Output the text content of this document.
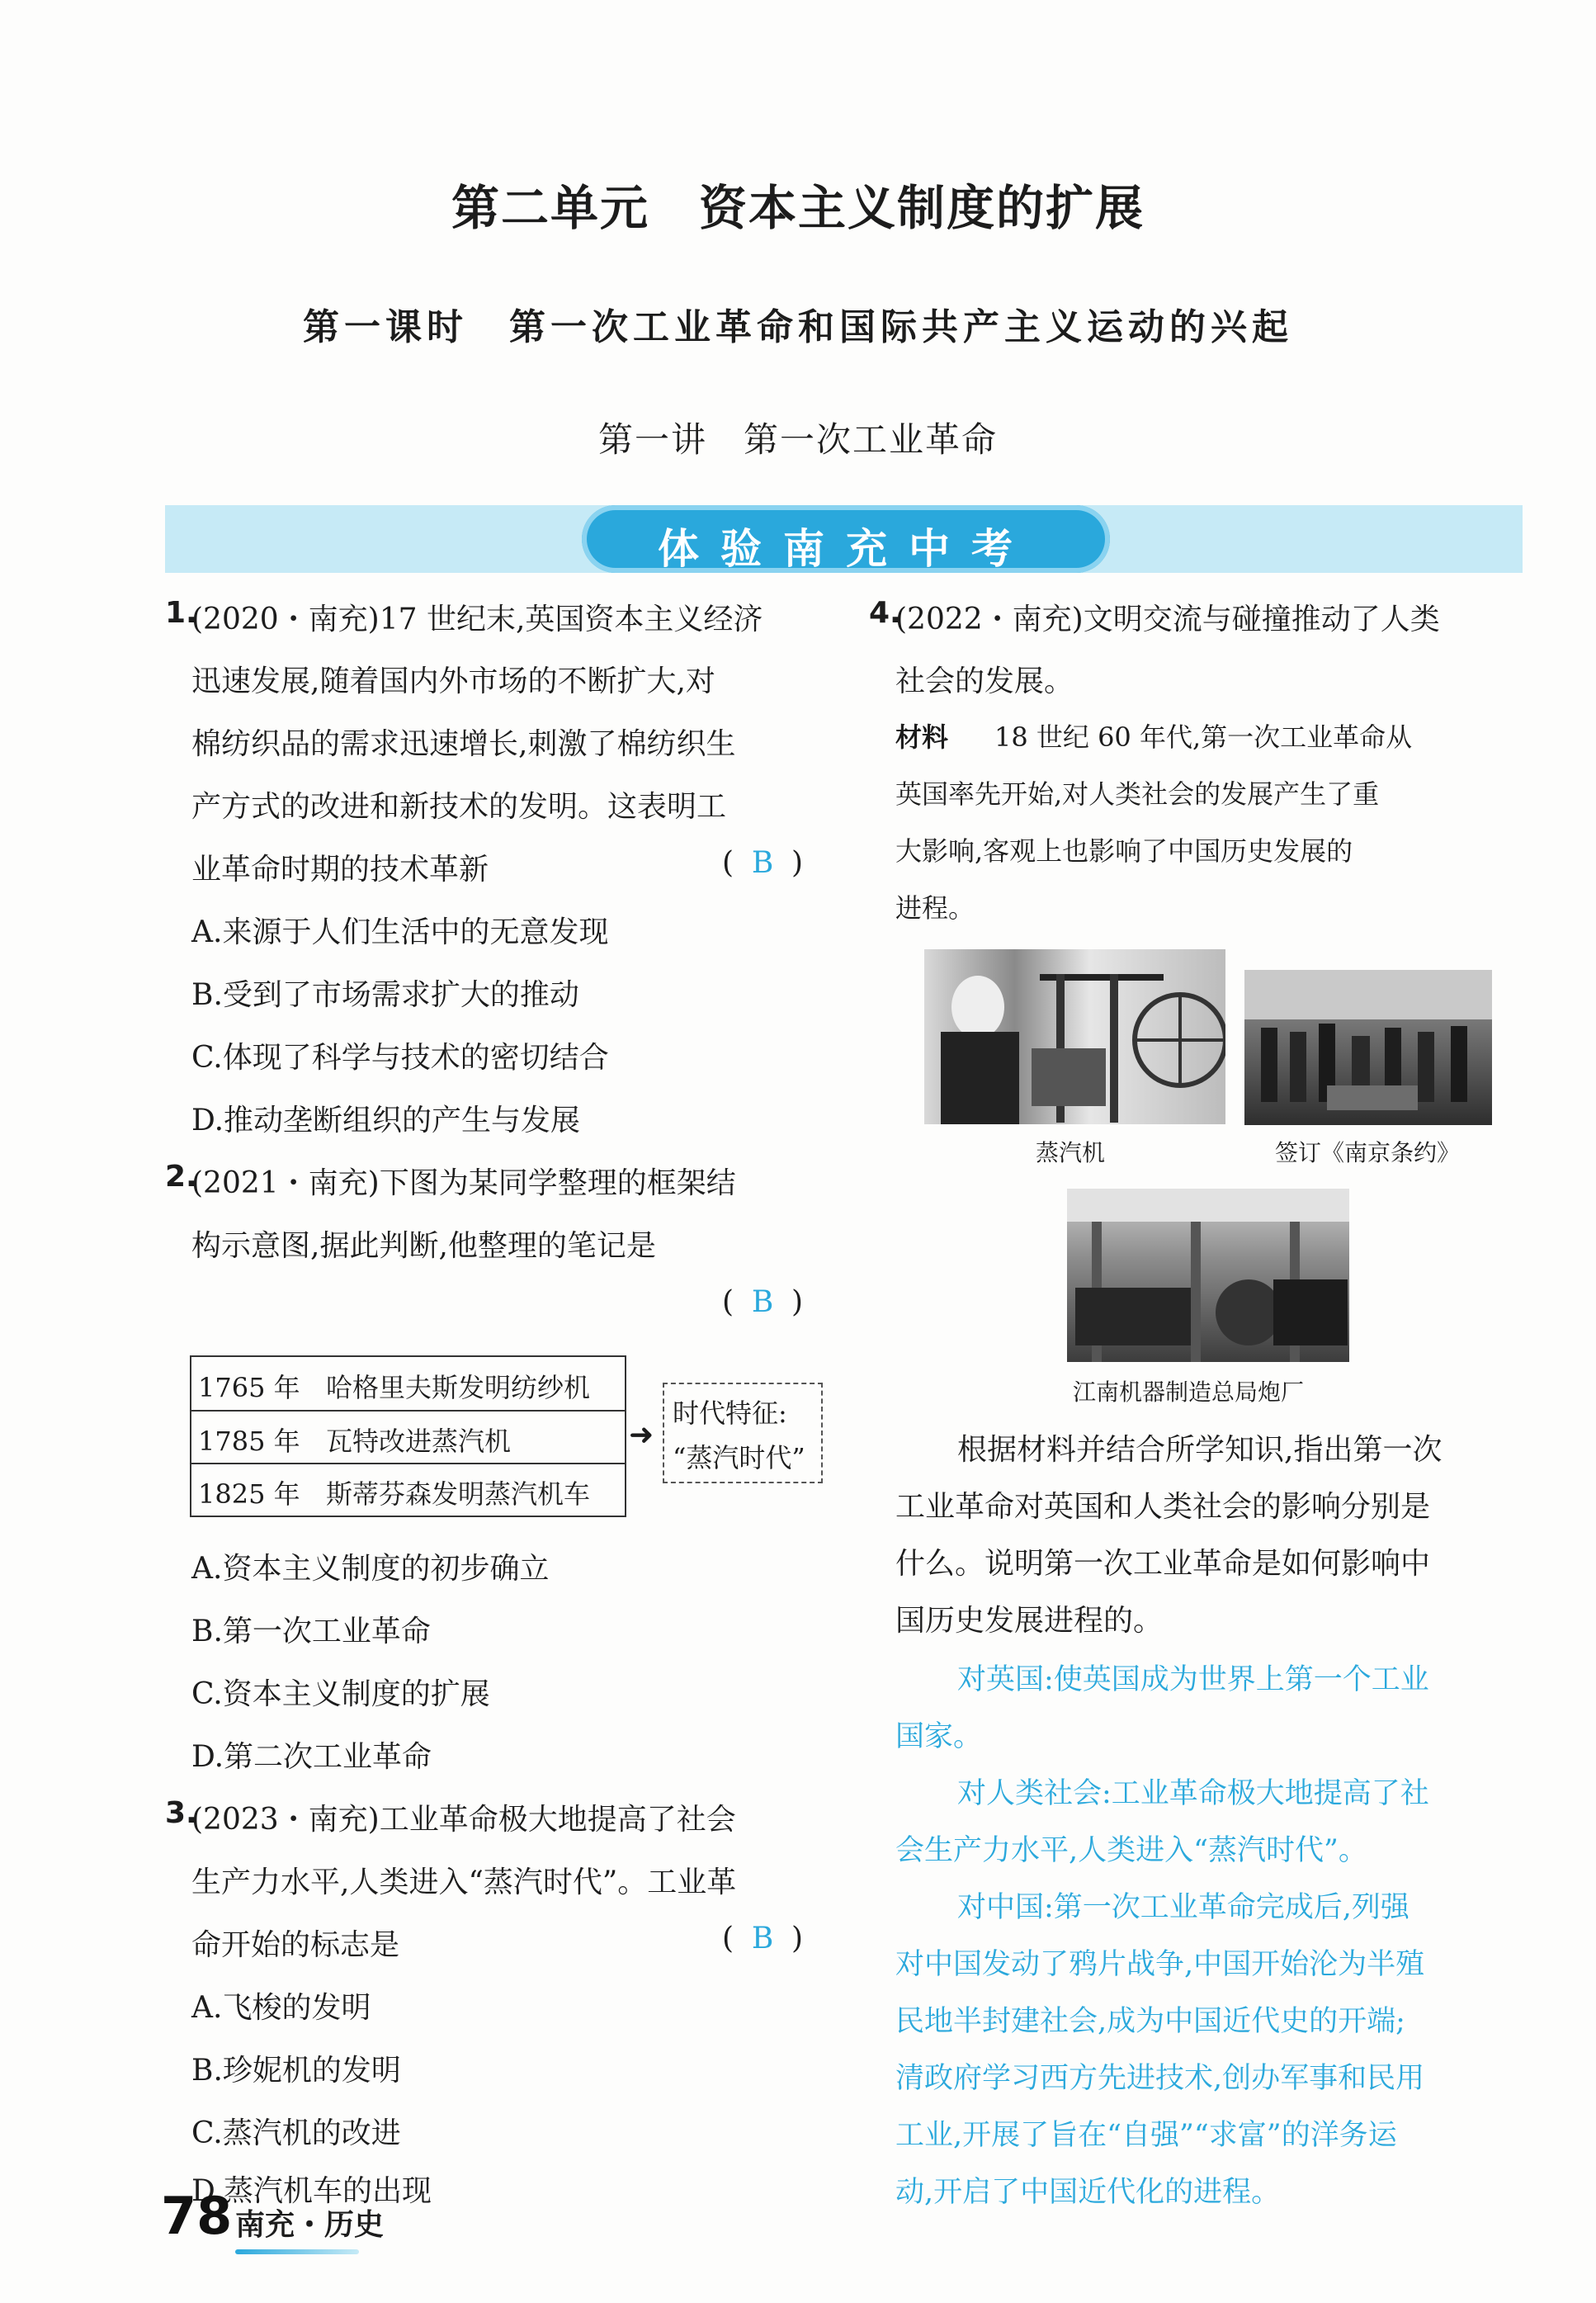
第二单元　资本主义制度的扩展
第一课时　第一次工业革命和国际共产主义运动的兴起
第一讲　第一次工业革命
体验南充中考
1.
(2020・南充)17 世纪末,英国资本主义经济
迅速发展,随着国内外市场的不断扩大,对
棉纺织品的需求迅速增长,刺激了棉纺织生
产方式的改进和新技术的发明。这表明工
业革命时期的技术革新	( B )
A.来源于人们生活中的无意发现
B.受到了市场需求扩大的推动
C.体现了科学与技术的密切结合
D.推动垄断组织的产生与发展
2.
(2021・南充)下图为某同学整理的框架结
构示意图,据此判断,他整理的笔记是
( B )
1765 年 哈格里夫斯发明纺纱机
1785 年 瓦特改进蒸汽机
1825 年 斯蒂芬森发明蒸汽机车
➜
时代特征:
“蒸汽时代”
A.资本主义制度的初步确立
B.第一次工业革命
C.资本主义制度的扩展
D.第二次工业革命
3.
(2023・南充)工业革命极大地提高了社会
生产力水平,人类进入“蒸汽时代”。工业革
命开始的标志是	( B )
A.飞梭的发明
B.珍妮机的发明
C.蒸汽机的改进
D.蒸汽机车的出现
4.
(2022・南充)文明交流与碰撞推动了人类
社会的发展。
材料 18 世纪 60 年代,第一次工业革命从
英国率先开始,对人类社会的发展产生了重
大影响,客观上也影响了中国历史发展的
进程。
蒸汽机	签订《南京条约》
江南机器制造总局炮厂
根据材料并结合所学知识,指出第一次
工业革命对英国和人类社会的影响分别是
什么。说明第一次工业革命是如何影响中
国历史发展进程的。
对英国:使英国成为世界上第一个工业
国家。
对人类社会:工业革命极大地提高了社
会生产力水平,人类进入“蒸汽时代”。
对中国:第一次工业革命完成后,列强
对中国发动了鸦片战争,中国开始沦为半殖
民地半封建社会,成为中国近代史的开端;
清政府学习西方先进技术,创办军事和民用
工业,开展了旨在“自强”“求富”的洋务运
动,开启了中国近代化的进程。
78 南充・历史
